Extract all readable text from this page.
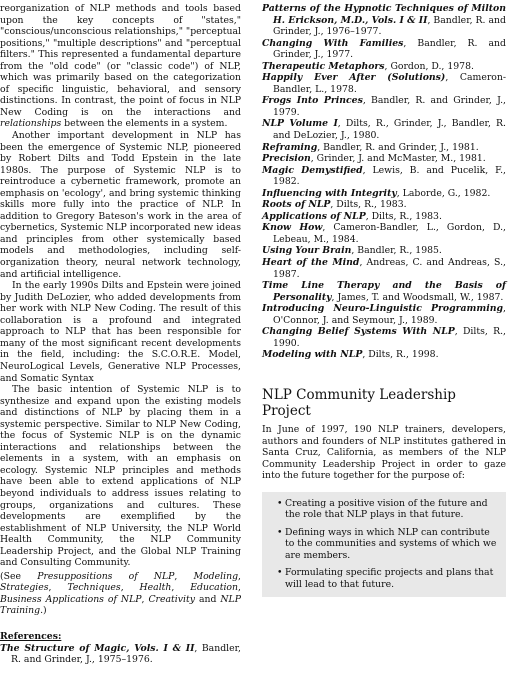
reorganization of NLP methods and tools based upon the key concepts of "states," "conscious/unconscious relationships," "perceptual positions," "multiple descriptions" and "perceptual filters." This represented a fundamental departure from the "old code" (or "classic code") of NLP, which was primarily based on the categorization of specific linguistic, behavioral, and sensory distinctions. In contrast, the point of focus in NLP New Coding is on the interactions and relationships between the elements in a system.

Another important development in NLP has been the emergence of Systemic NLP, pioneered by Robert Dilts and Todd Epstein in the late 1980s. The purpose of Systemic NLP is to reintroduce a cybernetic framework, promote an emphasis on 'ecology', and bring systemic thinking skills more fully into the practice of NLP. In addition to Gregory Bateson's work in the area of cybernetics, Systemic NLP incorporated new ideas and principles from other systemically based models and methodologies, including self-organization theory, neural network technology, and artificial intelligence.

In the early 1990s Dilts and Epstein were joined by Judith DeLozier, who added developments from her work with NLP New Coding. The result of this collaboration is a profound and integrated approach to NLP that has been responsible for many of the most significant recent developments in the field, including: the S.C.O.R.E. Model, NeuroLogical Levels, Generative NLP Processes, and Somatic Syntax

The basic intention of Systemic NLP is to synthesize and expand upon the existing models and distinctions of NLP by placing them in a systemic perspective. Similar to NLP New Coding, the focus of Systemic NLP is on the dynamic interactions and relationships between the elements in a system, with an emphasis on ecology. Systemic NLP principles and methods have been able to extend applications of NLP beyond individuals to address issues relating to groups, organizations and cultures. These developments are exemplified by the establishment of NLP University, the NLP World Health Community, the NLP Community Leadership Project, and the Global NLP Training and Consulting Community.

(See Presuppositions of NLP, Modeling, Strategies, Techniques, Health, Education, Business Applications of NLP, Creativity and NLP Training.)

References:

The Structure of Magic, Vols. I & II, Bandler, R. and Grinder, J., 1975–1976.

Patterns of the Hypnotic Techniques of Milton H. Erickson, M.D., Vols. I & II, Bandler, R. and Grinder, J., 1976–1977.

Changing With Families, Bandler, R. and Grinder, J., 1977.

Therapeutic Metaphors, Gordon, D., 1978.

Happily Ever After (Solutions), Cameron-Bandler, L., 1978.

Frogs Into Princes, Bandler, R. and Grinder, J., 1979.

NLP Volume I, Dilts, R., Grinder, J., Bandler, R. and DeLozier, J., 1980.

Reframing, Bandler, R. and Grinder, J., 1981.

Precision, Grinder, J. and McMaster, M., 1981.

Magic Demystified, Lewis, B. and Pucelik, F., 1982.

Influencing with Integrity, Laborde, G., 1982.

Roots of NLP, Dilts, R., 1983.

Applications of NLP, Dilts, R., 1983.

Know How, Cameron-Bandler, L., Gordon, D., Lebeau, M., 1984.

Using Your Brain, Bandler, R., 1985.

Heart of the Mind, Andreas, C. and Andreas, S., 1987.

Time Line Therapy and the Basis of Personality, James, T. and Woodsmall, W., 1987.

Introducing Neuro-Linguistic Programming, O'Connor, J. and Seymour, J., 1989.

Changing Belief Systems With NLP, Dilts, R., 1990.

Modeling with NLP, Dilts, R., 1998.

NLP Community Leadership Project

In June of 1997, 190 NLP trainers, developers, authors and founders of NLP institutes gathered in Santa Cruz, California, as members of the NLP Community Leadership Project in order to gaze into the future together for the purpose of:

• Creating a positive vision of the future and the role that NLP plays in that future.
• Defining ways in which NLP can contribute to the communities and systems of which we are members.
• Formulating specific projects and plans that will lead to that future.
